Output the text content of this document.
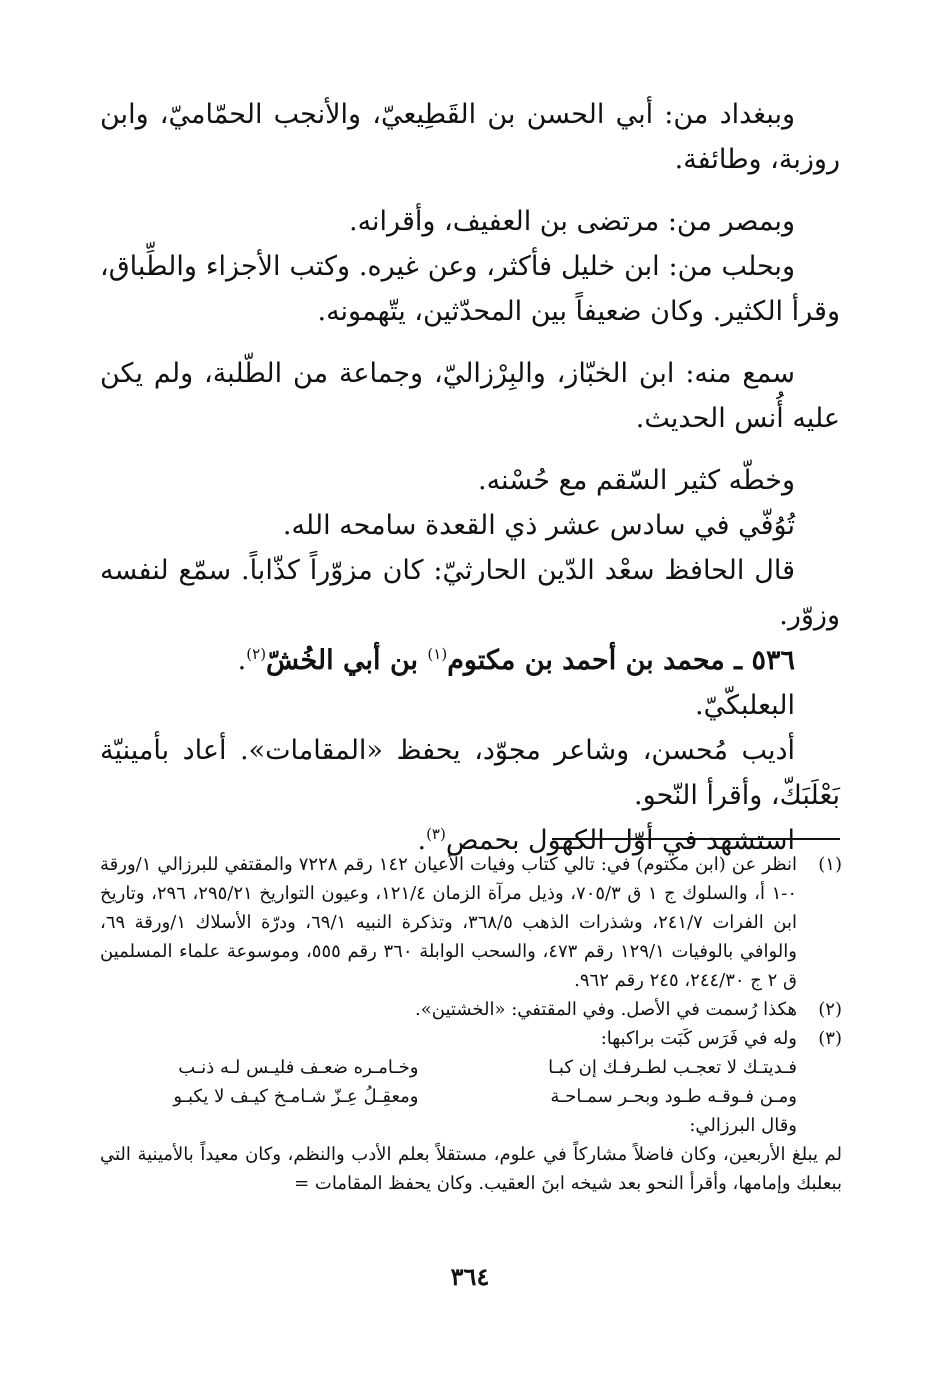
وببغداد من: أبي الحسن بن القَطِيعيّ، والأنجب الحمّاميّ، وابن روزبة، وطائفة.

وبمصر من: مرتضى بن العفيف، وأقرانه.

وبحلب من: ابن خليل فأكثر، وعن غيره. وكتب الأجزاء والطِّباق، وقرأ الكثير. وكان ضعيفاً بين المحدّثين، يتّهمونه.

سمع منه: ابن الخبّاز، والبِرْزاليّ، وجماعة من الطّلبة، ولم يكن عليه أُنس الحديث.

وخطّه كثير السّقم مع حُسْنه.

تُوُفّي في سادس عشر ذي القعدة سامحه الله.

قال الحافظ سعْد الدّين الحارثيّ: كان مزوّراً كذّاباً. سمّع لنفسه وزوّر.

٥٣٦ ـ محمد بن أحمد بن مكتوم$^{(١)}$ بن أبي الخُشّ$^{(٢)}$.

البعلبكّيّ.

أديب مُحسن، وشاعر مجوّد، يحفظ «المقامات». أعاد بأمينيّة بَعْلَبَكّ، وأقرأ النّحو.

استشهد في أوّل الكهول بحمص$^{(٣)}$.

(١)
انظر عن (ابن مكتوم) في: تالي كتاب وفيات الأعيان ١٤٢ رقم ٧٢٢٨ والمقتفي للبرزالي ١/ورقة ٠-١ أ، والسلوك ج ١ ق ٧٠٥/٣، وذيل مرآة الزمان ١٢١/٤، وعيون التواريخ ٢٩٥/٢١، ٢٩٦، وتاريخ ابن الفرات ٢٤١/٧، وشذرات الذهب ٣٦٨/٥، وتذكرة النبيه ٦٩/١، ودرّة الأسلاك ١/ورقة ٦٩، والوافي بالوفيات ١٢٩/١ رقم ٤٧٣، والسحب الوابلة ٣٦٠ رقم ٥٥٥، وموسوعة علماء المسلمين ق ٢ ج ٢٤٤/٣٠، ٢٤٥ رقم ٩٦٢.
(٢)
هكذا رُسمت في الأصل. وفي المقتفي: «الخشتين».
(٣)
وله في فَرَس كَبَت براكبها:
فـديتـك لا تعجـب لطـرفـك إن كبـا
وخـامـره ضعـف فليـس لـه ذنـب
ومـن فـوقـه طـود وبحـر سمـاحـة
ومعقِـلُ عِـزّ شـامـخ كيـف لا يكبـو
وقال البرزالي:

لم يبلغ الأربعين، وكان فاضلاً مشاركاً في علوم، مستقلاً بعلم الأدب والنظم، وكان معيداً بالأمينية التي ببعلبك وإمامها، وأقرأ النحو بعد شيخه ابنَ العقيب. وكان يحفظ المقامات =

٣٦٤
